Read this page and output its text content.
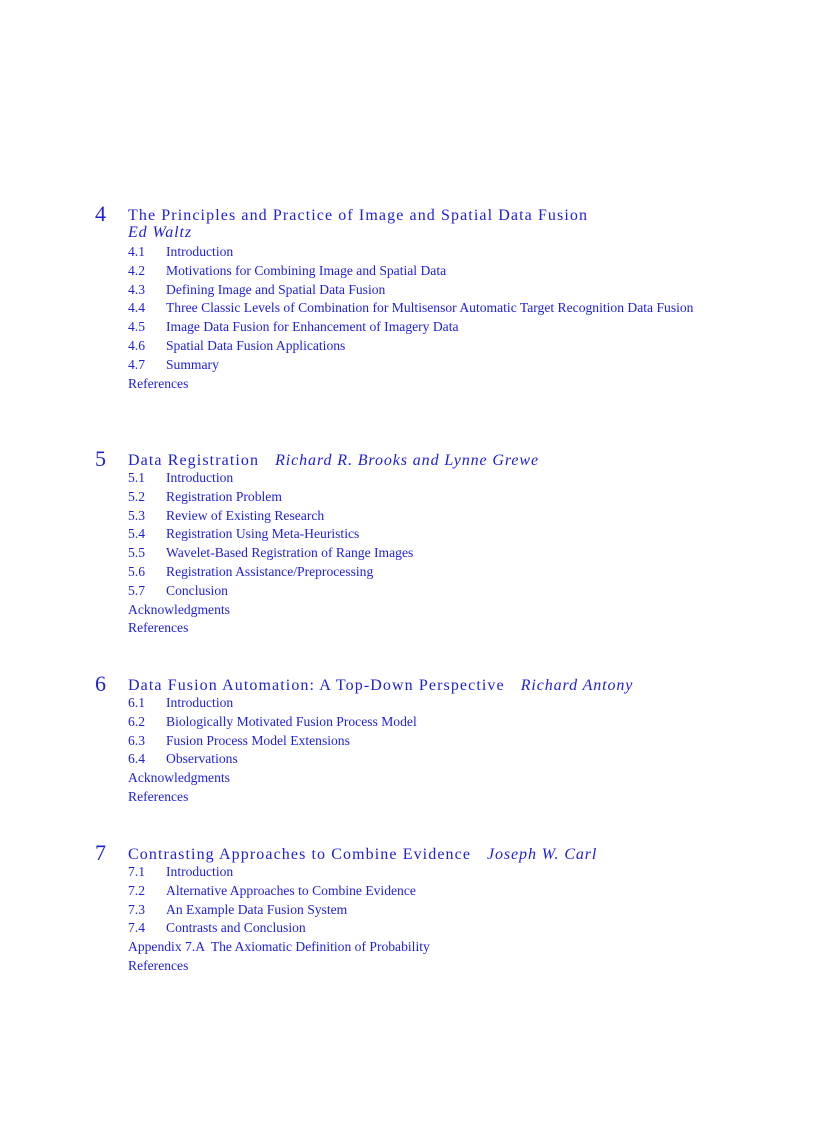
4 The Principles and Practice of Image and Spatial Data Fusion
Ed Waltz
4.1	Introduction
4.2	Motivations for Combining Image and Spatial Data
4.3	Defining Image and Spatial Data Fusion
4.4	Three Classic Levels of Combination for Multisensor Automatic Target Recognition Data Fusion
4.5	Image Data Fusion for Enhancement of Imagery Data
4.6	Spatial Data Fusion Applications
4.7	Summary
References
5 Data Registration Richard R. Brooks and Lynne Grewe
5.1	Introduction
5.2	Registration Problem
5.3	Review of Existing Research
5.4	Registration Using Meta-Heuristics
5.5	Wavelet-Based Registration of Range Images
5.6	Registration Assistance/Preprocessing
5.7	Conclusion
Acknowledgments
References
6 Data Fusion Automation: A Top-Down Perspective Richard Antony
6.1	Introduction
6.2	Biologically Motivated Fusion Process Model
6.3	Fusion Process Model Extensions
6.4	Observations
Acknowledgments
References
7 Contrasting Approaches to Combine Evidence Joseph W. Carl
7.1	Introduction
7.2	Alternative Approaches to Combine Evidence
7.3	An Example Data Fusion System
7.4	Contrasts and Conclusion
Appendix 7.A  The Axiomatic Definition of Probability
References
